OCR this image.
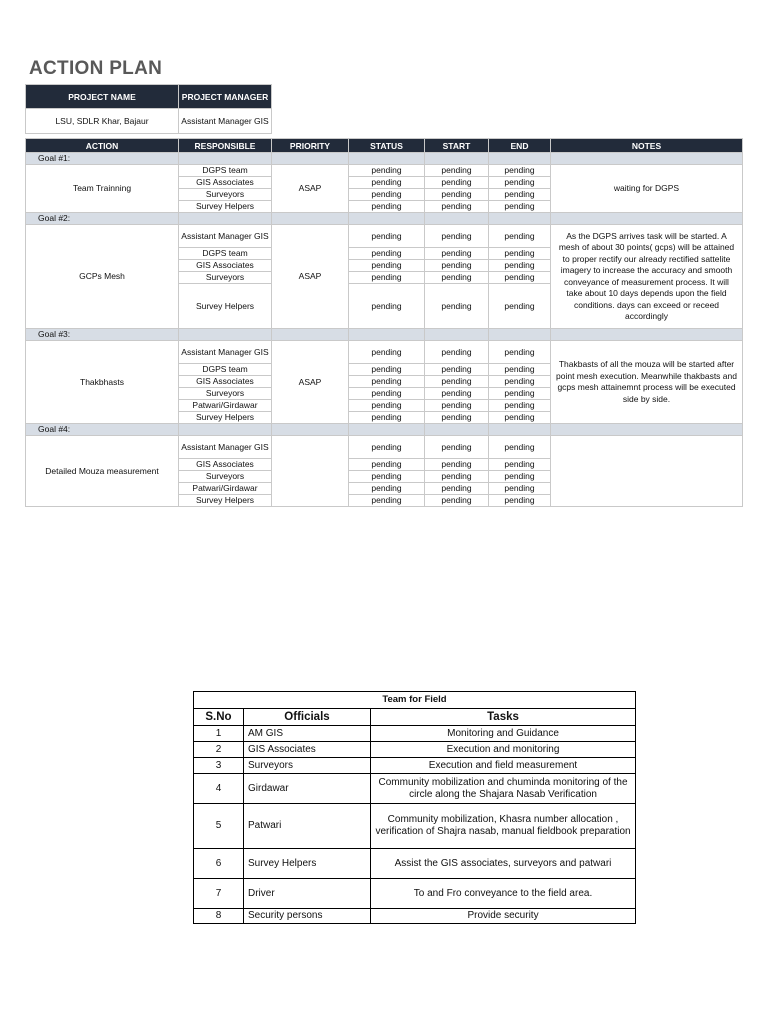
ACTION PLAN
PROJECT NAME	PROJECT MANAGER
LSU, SDLR Khar, Bajaur	Assistant Manager GIS
ACTION	RESPONSIBLE	PRIORITY	STATUS	START	END	NOTES
Goal #1:						
Team Trainning	DGPS team	ASAP	pending	pending	pending	waiting for DGPS
	GIS Associates		pending	pending	pending	
	Surveyors		pending	pending	pending	
	Survey Helpers		pending	pending	pending	
Goal #2:						
GCPs Mesh	Assistant Manager GIS	ASAP	pending	pending	pending	As the DGPS arrives task will be started. A mesh of about 30 points( gcps) will be attained to proper rectify our already rectified sattelite imagery to increase the accuracy and smooth conveyance of measurement process. It will take about 10 days depends upon the field conditions. days can exceed or receed accordingly
	DGPS team		pending	pending	pending	
	GIS Associates		pending	pending	pending	
	Surveyors		pending	pending	pending	
	Survey Helpers		pending	pending	pending	
Goal #3:						
Thakbhasts	Assistant Manager GIS	ASAP	pending	pending	pending	Thakbasts of all the mouza will be started after point mesh execution. Meanwhile thakbasts and gcps mesh attainemnt process will be executed side by side.
	DGPS team		pending	pending	pending	
	GIS Associates		pending	pending	pending	
	Surveyors		pending	pending	pending	
	Patwari/Girdawar		pending	pending	pending	
	Survey Helpers		pending	pending	pending	
Goal #4:						
Detailed Mouza measurement	Assistant Manager GIS		pending	pending	pending	
	GIS Associates		pending	pending	pending	
	Surveyors		pending	pending	pending	
	Patwari/Girdawar		pending	pending	pending	
	Survey Helpers		pending	pending	pending	
Team for Field		
S.No	Officials	Tasks
1	AM GIS	Monitoring and Guidance
2	GIS Associates	Execution and monitoring
3	Surveyors	Execution and field measurement
4	Girdawar	Community mobilization and chuminda monitoring of the circle along the Shajara Nasab Verification
5	Patwari	Community mobilization, Khasra number allocation , verification of Shajra nasab, manual fieldbook preparation
6	Survey Helpers	Assist the GIS associates, surveyors and patwari
7	Driver	To and Fro conveyance to the field area.
8	Security persons	Provide security
